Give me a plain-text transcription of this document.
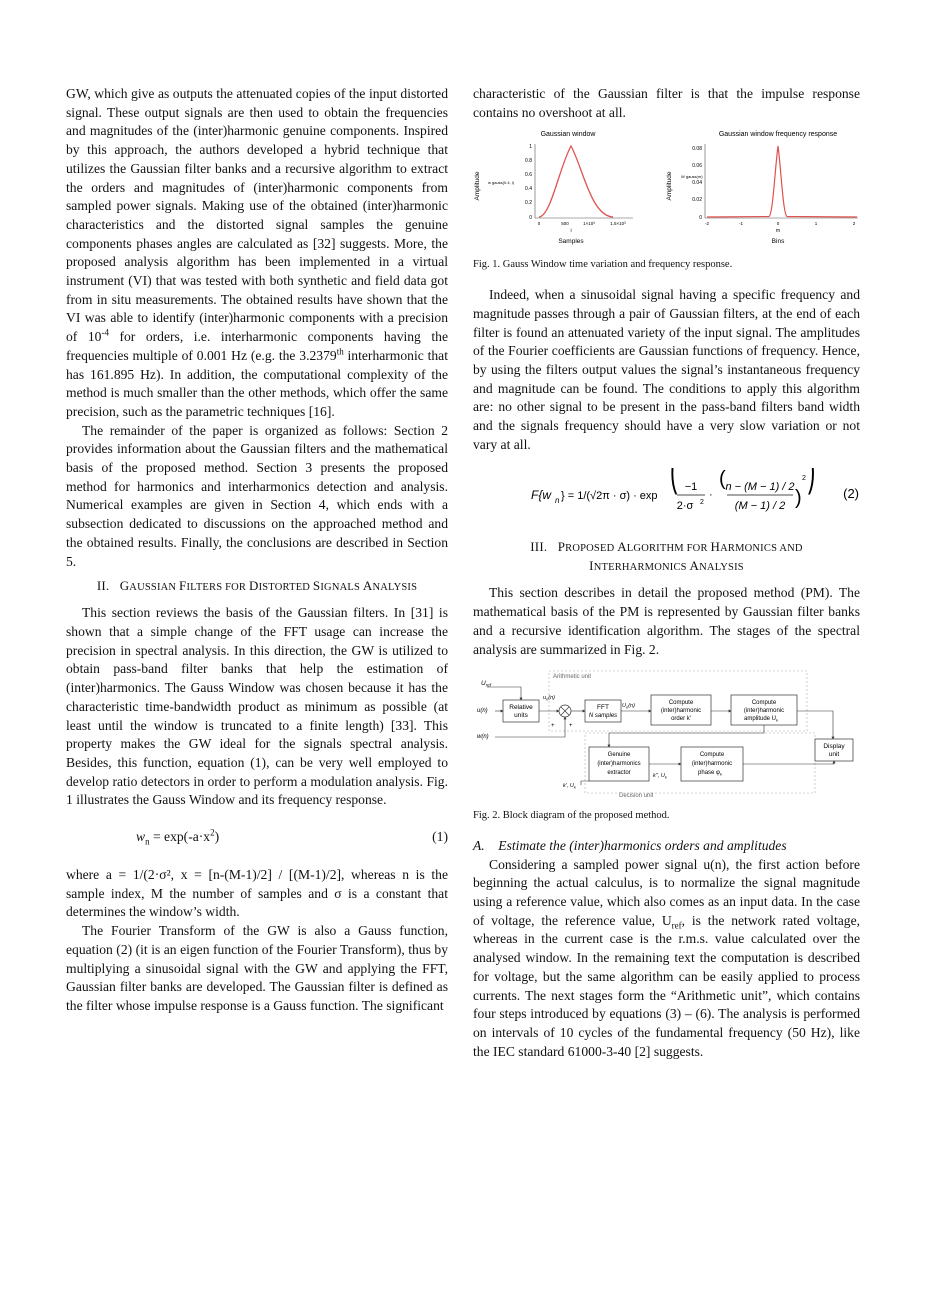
GW, which give as outputs the attenuated copies of the input distorted signal. These output signals are then used to obtain the frequencies and magnitudes of the (inter)harmonic genuine components. Inspired by this approach, the authors developed a hybrid technique that utilizes the Gaussian filter banks and a recursive algorithm to extract the orders and magnitudes of (inter)harmonic components from sampled power signals. Making use of the obtained (inter)harmonic characteristics and the distorted signal samples the genuine components phases angles are calculated as [32] suggests. More, the proposed analysis algorithm has been implemented in a virtual instrument (VI) that was tested with both synthetic and field data got from in situ measurements. The obtained results have shown that the VI was able to identify (inter)harmonic components with a precision of $10^{-4}$ for orders, i.e. interharmonic components having the frequencies multiple of 0.001 Hz (e.g. the 3.2379th interharmonic that has 161.895 Hz). In addition, the computational complexity of the method is much smaller than the other methods, which offer the same precision, such as the parametric techniques [16].

The remainder of the paper is organized as follows: Section 2 provides information about the Gaussian filters and the mathematical basis of the proposed method. Section 3 presents the proposed method for harmonics and interharmonics detection and analysis. Numerical examples are given in Section 4, which ends with a subsection dedicated to discussions on the approached method and the obtained results. Finally, the conclusions are described in Section 5.

II. GAUSSIAN FILTERS FOR DISTORTED SIGNALS ANALYSIS

This section reviews the basis of the Gaussian filters. In [31] is shown that a simple change of the FFT usage can increase the precision in spectral analysis. In this direction, the GW is utilized to obtain pass-band filter banks that help the estimation of (inter)harmonics. The Gauss Window was chosen because it has the characteristic time-bandwidth product as minimum as possible (at least until the window is truncated to a finite length) [33]. This property makes the GW ideal for the signals spectral analysis. Besides, this function, equation (1), can be very well employed to develop ratio detectors in order to perform a modulation analysis. Fig. 1 illustrates the Gauss Window and its frequency response.

$w_n = \exp(-a\cdot x^2)$	(1)

where a = 1/(2·σ², x = [n-(M-1)/2] / [(M-1)/2], whereas n is the sample index, M the number of samples and σ is a constant that determines the window’s width.

The Fourier Transform of the GW is also a Gauss function, equation (2) (it is an eigen function of the Fourier Transform), thus by multiplying a sinusoidal signal with the GW and applying the FFT, Gaussian filter banks are developed. The Gaussian filter is defined as the filter whose impulse response is a Gauss function. The significant

characteristic of the Gaussian filter is that the impulse response contains no overshoot at all.

Gaussian window
Amplitude w gauss(0.4, i)
1
0.8
0.6
0.4
0.2
0
0	500	1×10³	1.5×10³
i
Samples
Gaussian window frequency response
Amplitude W gauss(m)
0.08
0.06
0.04
0.02
0
-2	-1	0	1	2
m
Bins
Fig. 1. Gauss Window time variation and frequency response.

Indeed, when a sinusoidal signal having a specific frequency and magnitude passes through a pair of Gaussian filters, at the end of each filter is found an attenuated variety of the input signal. The amplitudes of the Fourier coefficients are Gaussian functions of frequency. Hence, by using the filters output values the signal’s instantaneous frequency and magnitude can be found. The conditions to apply this algorithm are: no other signal to be present in the pass-band filters band width and the signals frequency should have a very slow variation or not vary at all.

F{w n } = 1/(√2π · σ) · exp
( −1
2·σ 2
·
( n − (M − 1) / 2
(M − 1) / 2 )
2 ) (2)
III. PROPOSED ALGORITHM FOR HARMONICS AND
INTERHARMONICS ANALYSIS

This section describes in detail the proposed method (PM). The mathematical basis of the PM is represented by Gaussian filter banks and a recursive identification algorithm. The stages of the spectral analysis are summarized in Fig. 2.

Arithmetic unit
Decision unit
$U_{ref}$
u(n)
w(n)
Relative
units
$u_n(n)$
+ +
FFT
N samples
$U_n(n)$	Compute
(inter)harmonic
order k'
Compute
(inter)harmonic
amplitude $U_k$
Display
unit
Genuine
(inter)harmonics
extractor
Compute
(inter)harmonic
phase $\varphi_k$
k', $U_k$
k'', $U_k$
Fig. 2. Block diagram of the proposed method.
A. Estimate the (inter)harmonics orders and amplitudes

Considering a sampled power signal u(n), the first action before beginning the actual calculus, is to normalize the signal magnitude using a reference value, which also comes as an input data. In the case of voltage, the reference value, $U_{ref}$, is the network rated voltage, whereas in the current case is the r.m.s. value calculated over the analysed window. In the remaining text the computation is described for voltage, but the same algorithm can be easily applied to process currents. The next stages form the “Arithmetic unit”, which contains four steps introduced by equations (3) – (6). The analysis is performed on intervals of 10 cycles of the fundamental frequency (50 Hz), like the IEC standard 61000-3-40 [2] suggests.
